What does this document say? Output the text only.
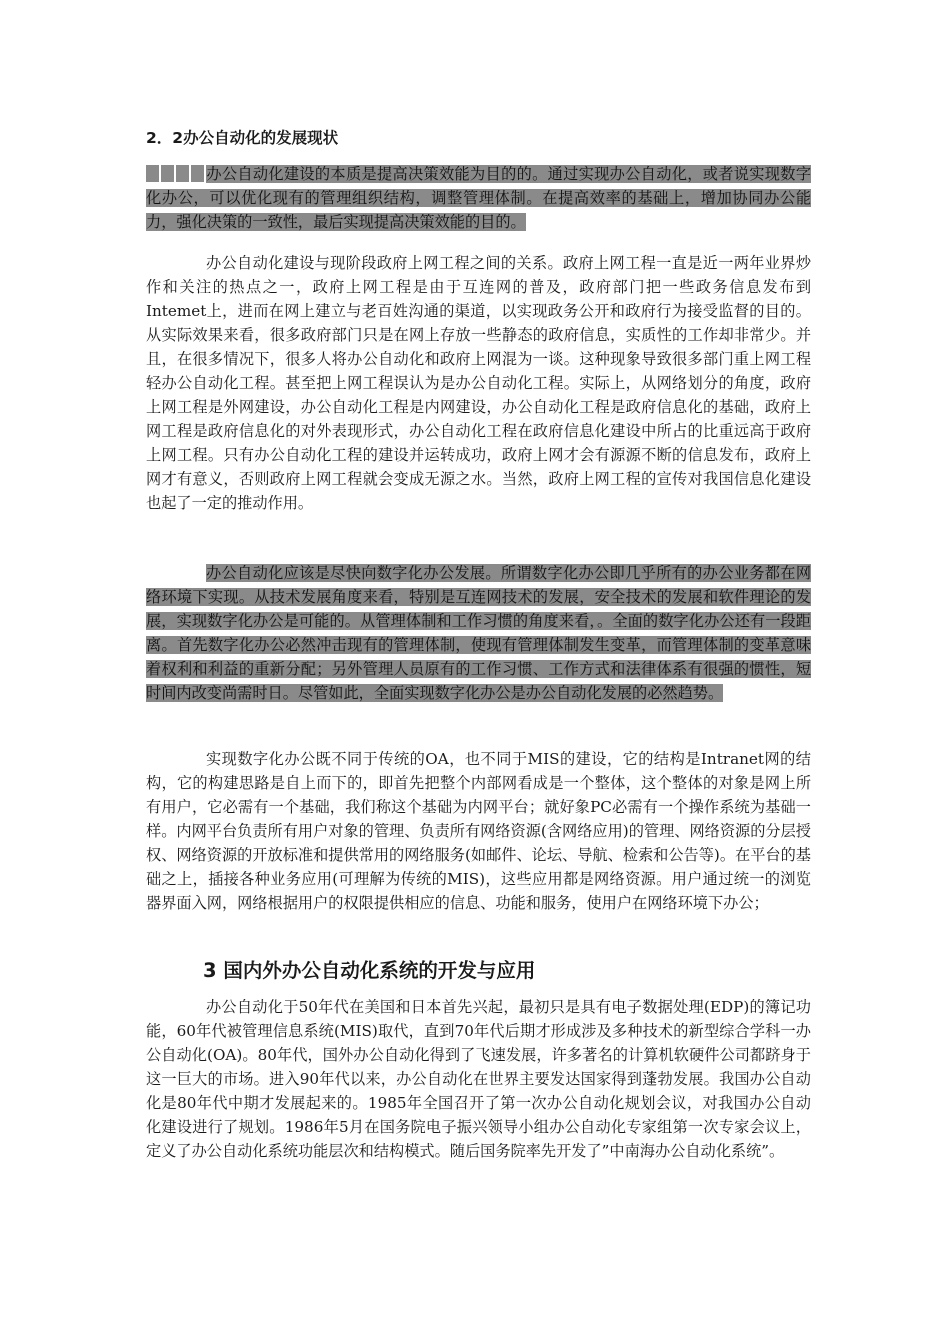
2．2办公自动化的发展现状

办公自动化建设的本质是提高决策效能为目的的。通过实现办公自动化，或者说实现数字化办公，可以优化现有的管理组织结构，调整管理体制。在提高效率的基础上，增加协同办公能力，强化决策的一致性，最后实现提高决策效能的目的。

办公自动化建设与现阶段政府上网工程之间的关系。政府上网工程一直是近一两年业界炒作和关注的热点之一，政府上网工程是由于互连网的普及，政府部门把一些政务信息发布到Intemet上，进而在网上建立与老百姓沟通的渠道，以实现政务公开和政府行为接受监督的目的。从实际效果来看，很多政府部门只是在网上存放一些静态的政府信息，实质性的工作却非常少。并且，在很多情况下，很多人将办公自动化和政府上网混为一谈。这种现象导致很多部门重上网工程轻办公自动化工程。甚至把上网工程误认为是办公自动化工程。实际上，从网络划分的角度，政府上网工程是外网建设，办公自动化工程是内网建设，办公自动化工程是政府信息化的基础，政府上网工程是政府信息化的对外表现形式，办公自动化工程在政府信息化建设中所占的比重远高于政府上网工程。只有办公自动化工程的建设并运转成功，政府上网才会有源源不断的信息发布，政府上网才有意义，否则政府上网工程就会变成无源之水。当然，政府上网工程的宣传对我国信息化建设也起了一定的推动作用。

办公自动化应该是尽快向数字化办公发展。所谓数字化办公即几乎所有的办公业务都在网络环境下实现。从技术发展角度来看，特别是互连网技术的发展，安全技术的发展和软件理论的发展，实现数字化办公是可能的。从管理体制和工作习惯的角度来看，。全面的数字化办公还有一段距离。首先数字化办公必然冲击现有的管理体制，使现有管理体制发生变革，而管理体制的变革意味着权利和利益的重新分配；另外管理人员原有的工作习惯、工作方式和法律体系有很强的惯性，短时间内改变尚需时日。尽管如此，全面实现数字化办公是办公自动化发展的必然趋势。

实现数字化办公既不同于传统的OA，也不同于MIS的建设，它的结构是Intranet网的结构，它的构建思路是自上而下的，即首先把整个内部网看成是一个整体，这个整体的对象是网上所有用户，它必需有一个基础，我们称这个基础为内网平台；就好象PC必需有一个操作系统为基础一样。内网平台负责所有用户对象的管理、负责所有网络资源(含网络应用)的管理、网络资源的分层授权、网络资源的开放标准和提供常用的网络服务(如邮件、论坛、导航、检索和公告等)。在平台的基础之上，插接各种业务应用(可理解为传统的MIS)，这些应用都是网络资源。用户通过统一的浏览器界面入网，网络根据用户的权限提供相应的信息、功能和服务，使用户在网络环境下办公；

3 国内外办公自动化系统的开发与应用

办公自动化于50年代在美国和日本首先兴起，最初只是具有电子数据处理(EDP)的簿记功能，60年代被管理信息系统(MIS)取代，直到70年代后期才形成涉及多种技术的新型综合学科一办公自动化(OA)。80年代，国外办公自动化得到了飞速发展，许多著名的计算机软硬件公司都跻身于这一巨大的市场。进入90年代以来，办公自动化在世界主要发达国家得到蓬勃发展。我国办公自动化是80年代中期才发展起来的。1985年全国召开了第一次办公自动化规划会议，对我国办公自动化建设进行了规划。1986年5月在国务院电子振兴领导小组办公自动化专家组第一次专家会议上，定义了办公自动化系统功能层次和结构模式。随后国务院率先开发了”中南海办公自动化系统”。
